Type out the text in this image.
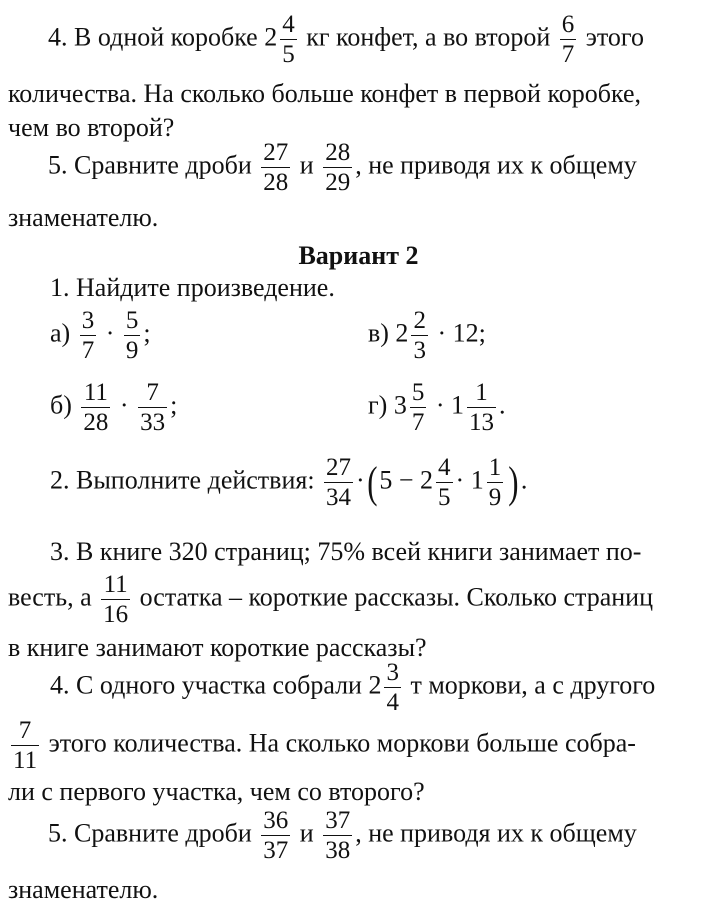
4. В одной коробке $2 \frac{4}{5}$ кг конфет, а во второй $\frac{6}{7}$ этого
количества. На сколько больше конфет в первой коробке,
чем во второй?
5. Сравните дроби $\frac{27}{28}$ и $\frac{28}{29}$ , не приводя их к общему
знаменателю.
Вариант 2
1. Найдите произведение.
$а) \frac{3}{7} \cdot \frac{5}{9}$ ;	в) $2 \frac{2}{3} \cdot 12$;
$б) \frac{11}{28} \cdot \frac{7}{33}$ ;	г) $3 \frac{5}{7} \cdot 1 \frac{1}{13}$ .
2. Выполните действия: $\frac{27}{34} \cdot(5 - 2 \frac{4}{5} \cdot 1 \frac{1}{9}$ ).
3. В книге 320 страниц; 75% всей книги занимает по-
весть, а $\frac{11}{16}$ остатка – короткие рассказы. Сколько страниц
в книге занимают короткие рассказы?
4. С одного участка собрали $2 \frac{3}{4}$ т моркови, а с другого
$\frac{7}{11}$ этого количества. На сколько моркови больше собра-
ли с первого участка, чем со второго?
5. Сравните дроби $\frac{36}{37}$ и $\frac{37}{38}$ , не приводя их к общему
знаменателю.
